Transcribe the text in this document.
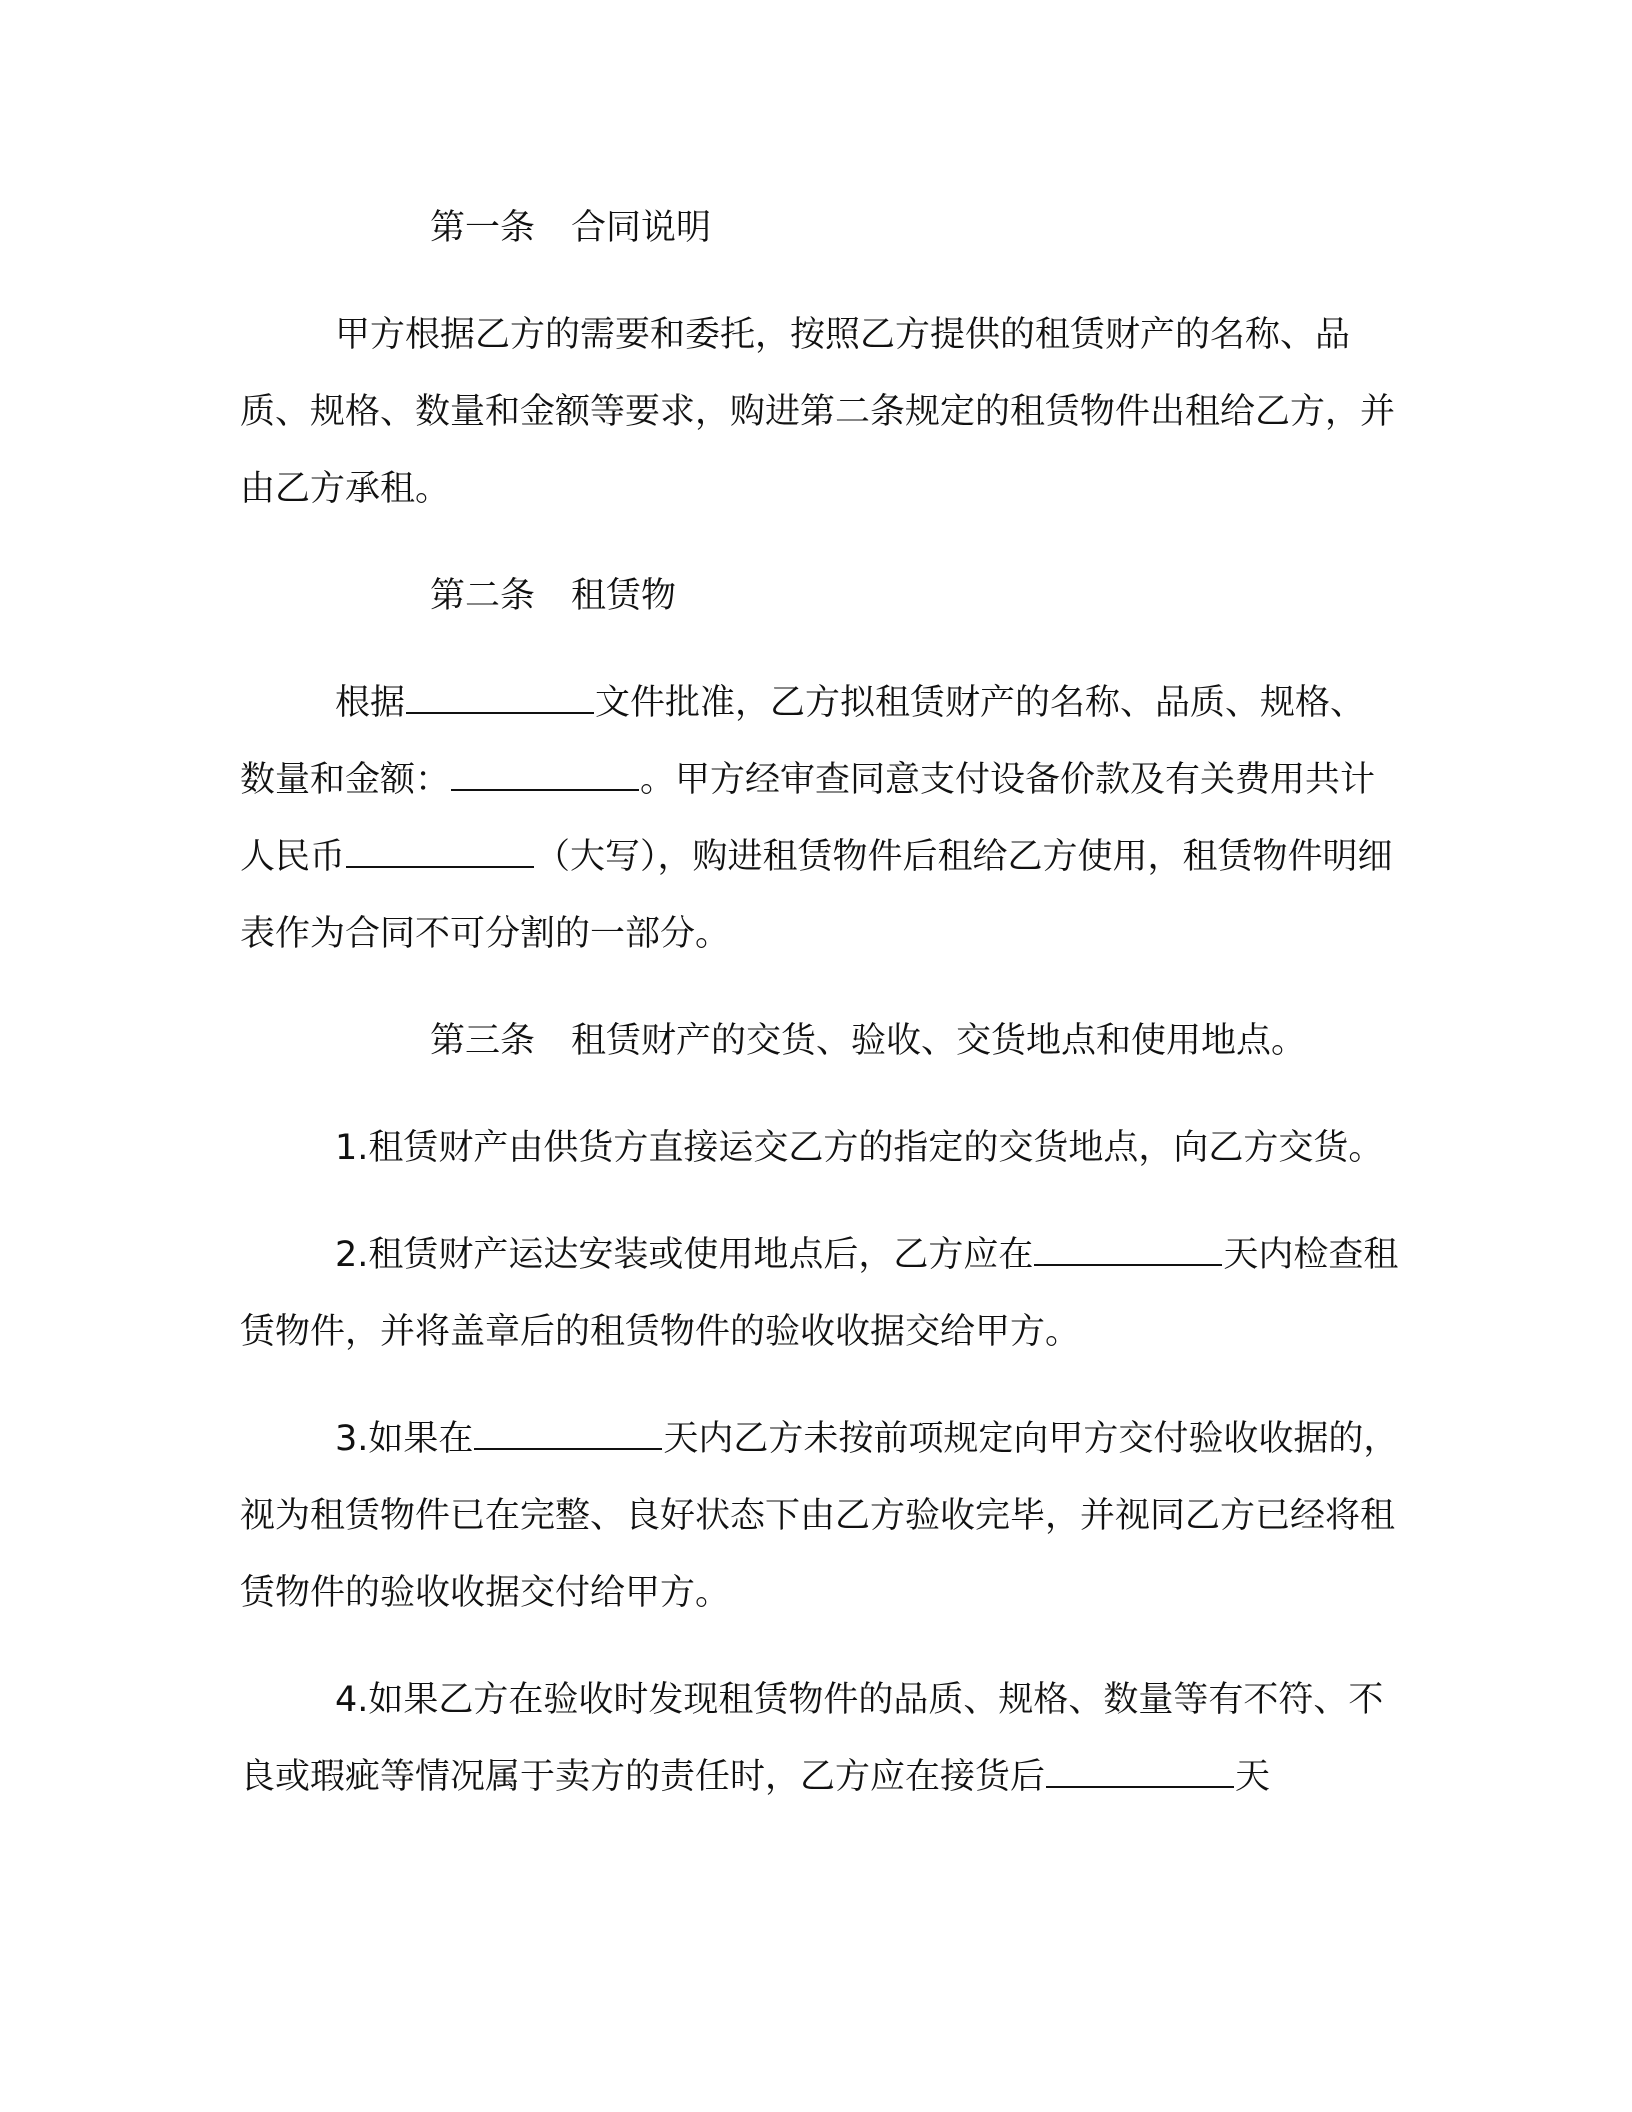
第一条 合同说明
甲方根据乙方的需要和委托，按照乙方提供的租赁财产的名称、品质、规格、数量和金额等要求，购进第二条规定的租赁物件出租给乙方，并由乙方承租。
第二条 租赁物
根据	文件批准，乙方拟租赁财产的名称、品质、规格、数量和金额：	。甲方经审查同意支付设备价款及有关费用共计人民币	（大写），购进租赁物件后租给乙方使用，租赁物件明细表作为合同不可分割的一部分。
第三条 租赁财产的交货、验收、交货地点和使用地点。
1.租赁财产由供货方直接运交乙方的指定的交货地点，向乙方交货。
2.租赁财产运达安装或使用地点后，乙方应在	天内检查租赁物件，并将盖章后的租赁物件的验收收据交给甲方。
3.如果在	天内乙方未按前项规定向甲方交付验收收据的，视为租赁物件已在完整、良好状态下由乙方验收完毕，并视同乙方已经将租赁物件的验收收据交付给甲方。
4.如果乙方在验收时发现租赁物件的品质、规格、数量等有不符、不良或瑕疵等情况属于卖方的责任时，乙方应在接货后	天
